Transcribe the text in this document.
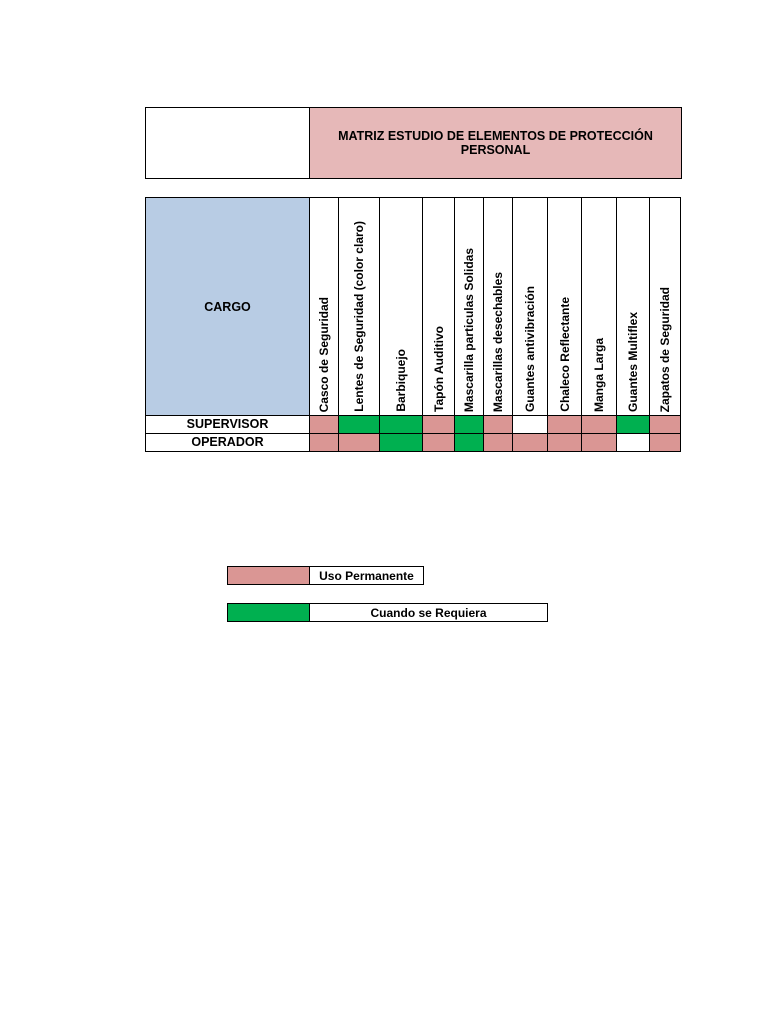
	MATRIZ ESTUDIO DE ELEMENTOS DE PROTECCIÓN PERSONAL
CARGO	Casco de Seguridad	Lentes de Seguridad (color claro)	Barbiquejo	Tapón Auditivo	Mascarilla particulas Solidas	Mascarillas desechables	Guantes antivibración	Chaleco Reflectante	Manga Larga	Guantes Multiflex	Zapatos de Seguridad

SUPERVISOR											
OPERADOR											
	Uso Permanente
	Cuando se Requiera
